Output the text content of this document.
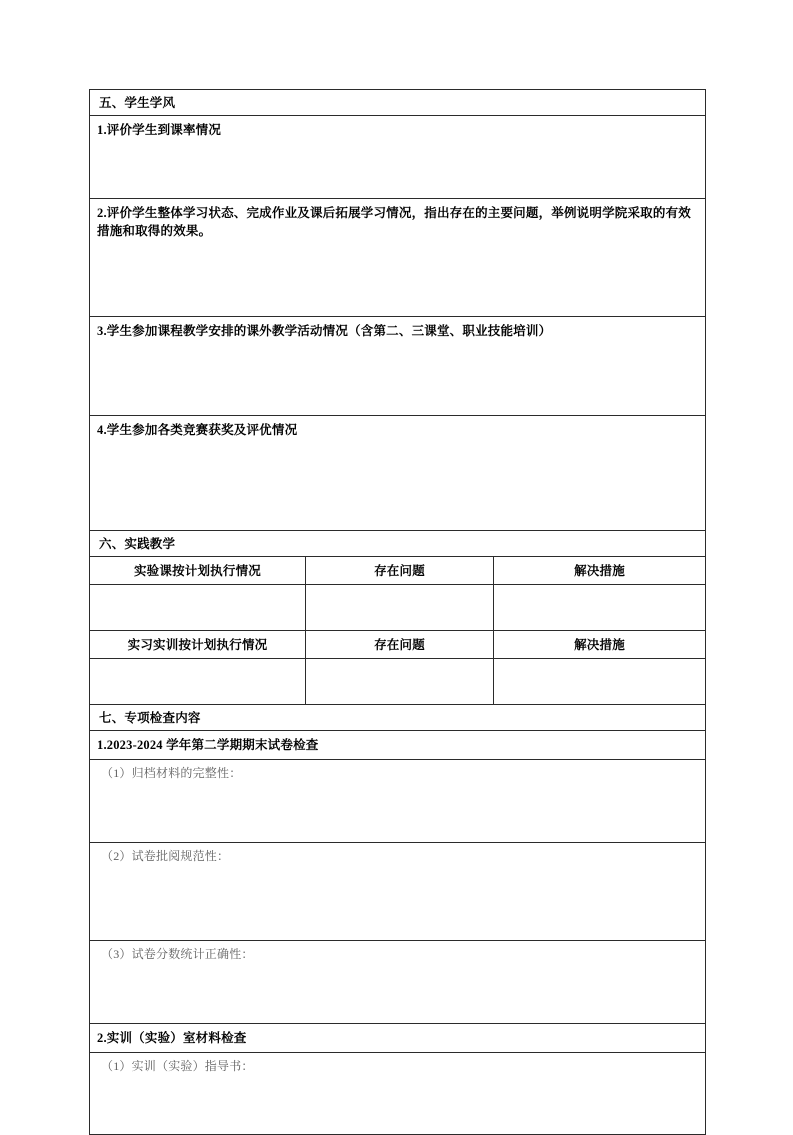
五、学生学风		

1.评价学生到课率情况		

2.评价学生整体学习状态、完成作业及课后拓展学习情况，指出存在的主要问题，举例说明学院采取的有效措施和取得的效果。		

3.学生参加课程教学安排的课外教学活动情况（含第二、三课堂、职业技能培训）		

4.学生参加各类竞赛获奖及评优情况		

六、实践教学		

实验课按计划执行情况	存在问题	解决措施

实习实训按计划执行情况	存在问题	解决措施

七、专项检查内容		

1.2023-2024 学年第二学期期末试卷检查		

（1）归档材料的完整性：		

（2）试卷批阅规范性：		

（3）试卷分数统计正确性：		

2.实训（实验）室材料检查		

（1）实训（实验）指导书：		
